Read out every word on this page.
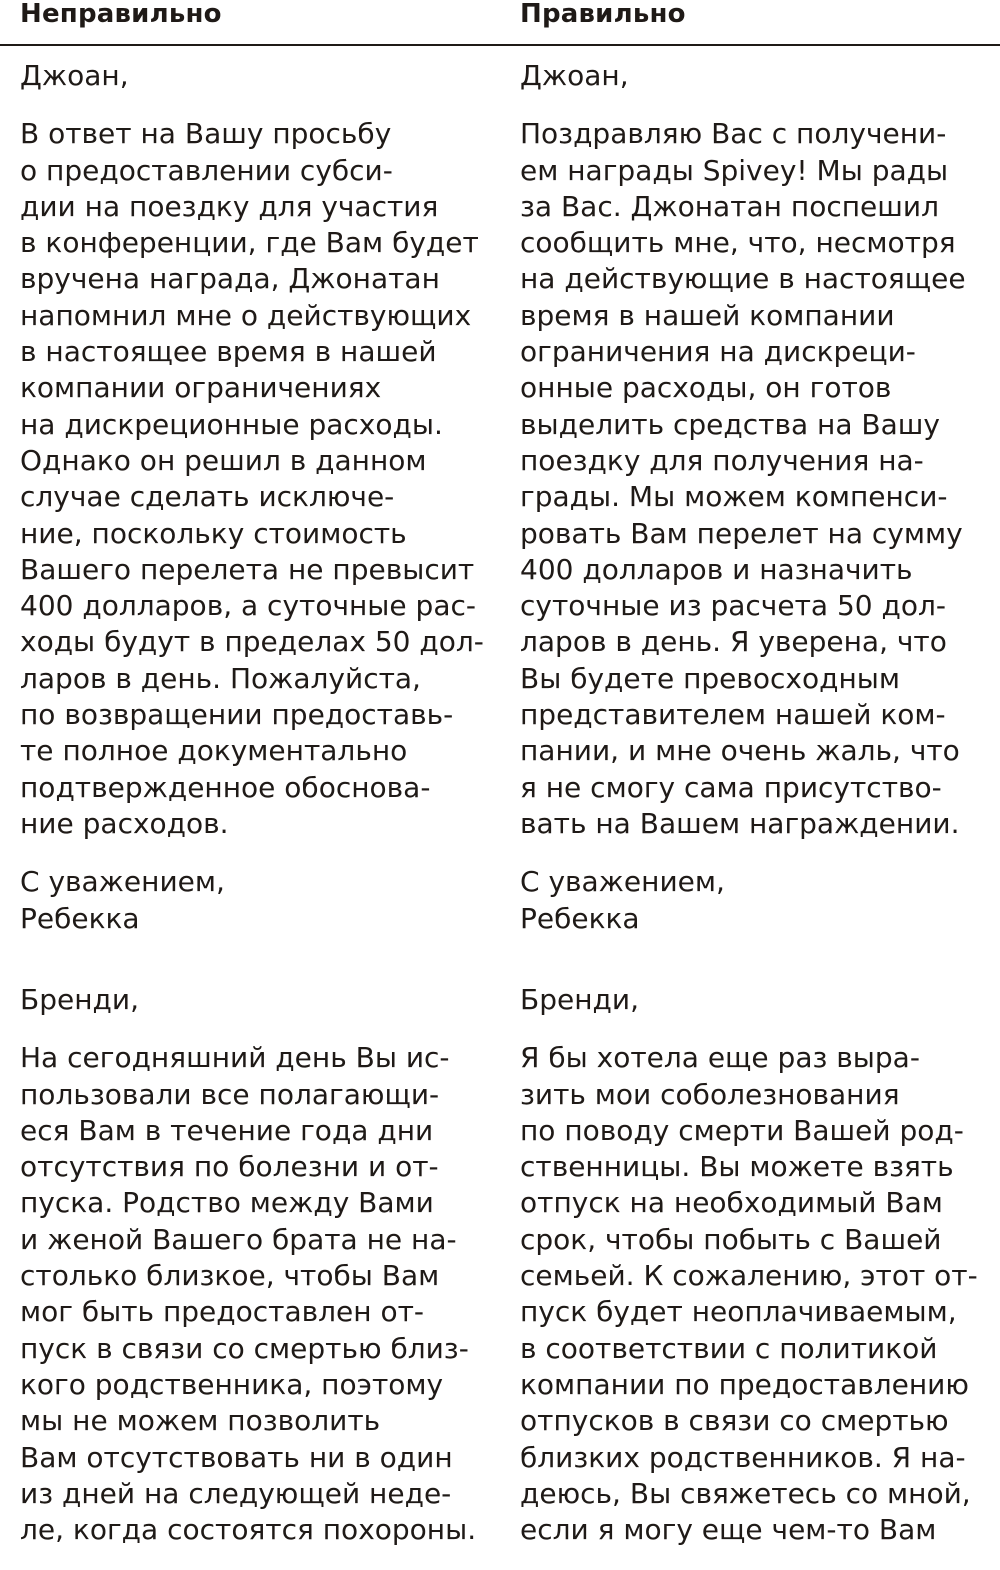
Неправильно	Правильно
Джоан,
В ответ на Вашу просьбу
о предоставлении субси-
дии на поездку для участия
в конференции, где Вам будет
вручена награда, Джонатан
напомнил мне о действующих
в настоящее время в нашей
компании ограничениях
на дискреционные расходы.
Однако он решил в данном
случае сделать исключе-
ние, поскольку стоимость
Вашего перелета не превысит
400 долларов, а суточные рас-
ходы будут в пределах 50 дол-
ларов в день. Пожалуйста,
по возвращении предоставь-
те полное документально
подтвержденное обоснова-
ние расходов.
С уважением,
Ребекка
Бренди,
На сегодняшний день Вы ис-
пользовали все полагающи-
еся Вам в течение года дни
отсутствия по болезни и от-
пуска. Родство между Вами
и женой Вашего брата не на-
столько близкое, чтобы Вам
мог быть предоставлен от-
пуск в связи со смертью близ-
кого родственника, поэтому
мы не можем позволить
Вам отсутствовать ни в один
из дней на следующей неде-
ле, когда состоятся похороны.
Джоан,
Поздравляю Вас с получени-
ем награды Spivey! Мы рады
за Вас. Джонатан поспешил
сообщить мне, что, несмотря
на действующие в настоящее
время в нашей компании
ограничения на дискреци-
онные расходы, он готов
выделить средства на Вашу
поездку для получения на-
грады. Мы можем компенси-
ровать Вам перелет на сумму
400 долларов и назначить
суточные из расчета 50 дол-
ларов в день. Я уверена, что
Вы будете превосходным
представителем нашей ком-
пании, и мне очень жаль, что
я не смогу сама присутство-
вать на Вашем награждении.
С уважением,
Ребекка
Бренди,
Я бы хотела еще раз выра-
зить мои соболезнования
по поводу смерти Вашей род-
ственницы. Вы можете взять
отпуск на необходимый Вам
срок, чтобы побыть с Вашей
семьей. К сожалению, этот от-
пуск будет неоплачиваемым,
в соответствии с политикой
компании по предоставлению
отпусков в связи со смертью
близких родственников. Я на-
деюсь, Вы свяжетесь со мной,
если я могу еще чем-то Вам
